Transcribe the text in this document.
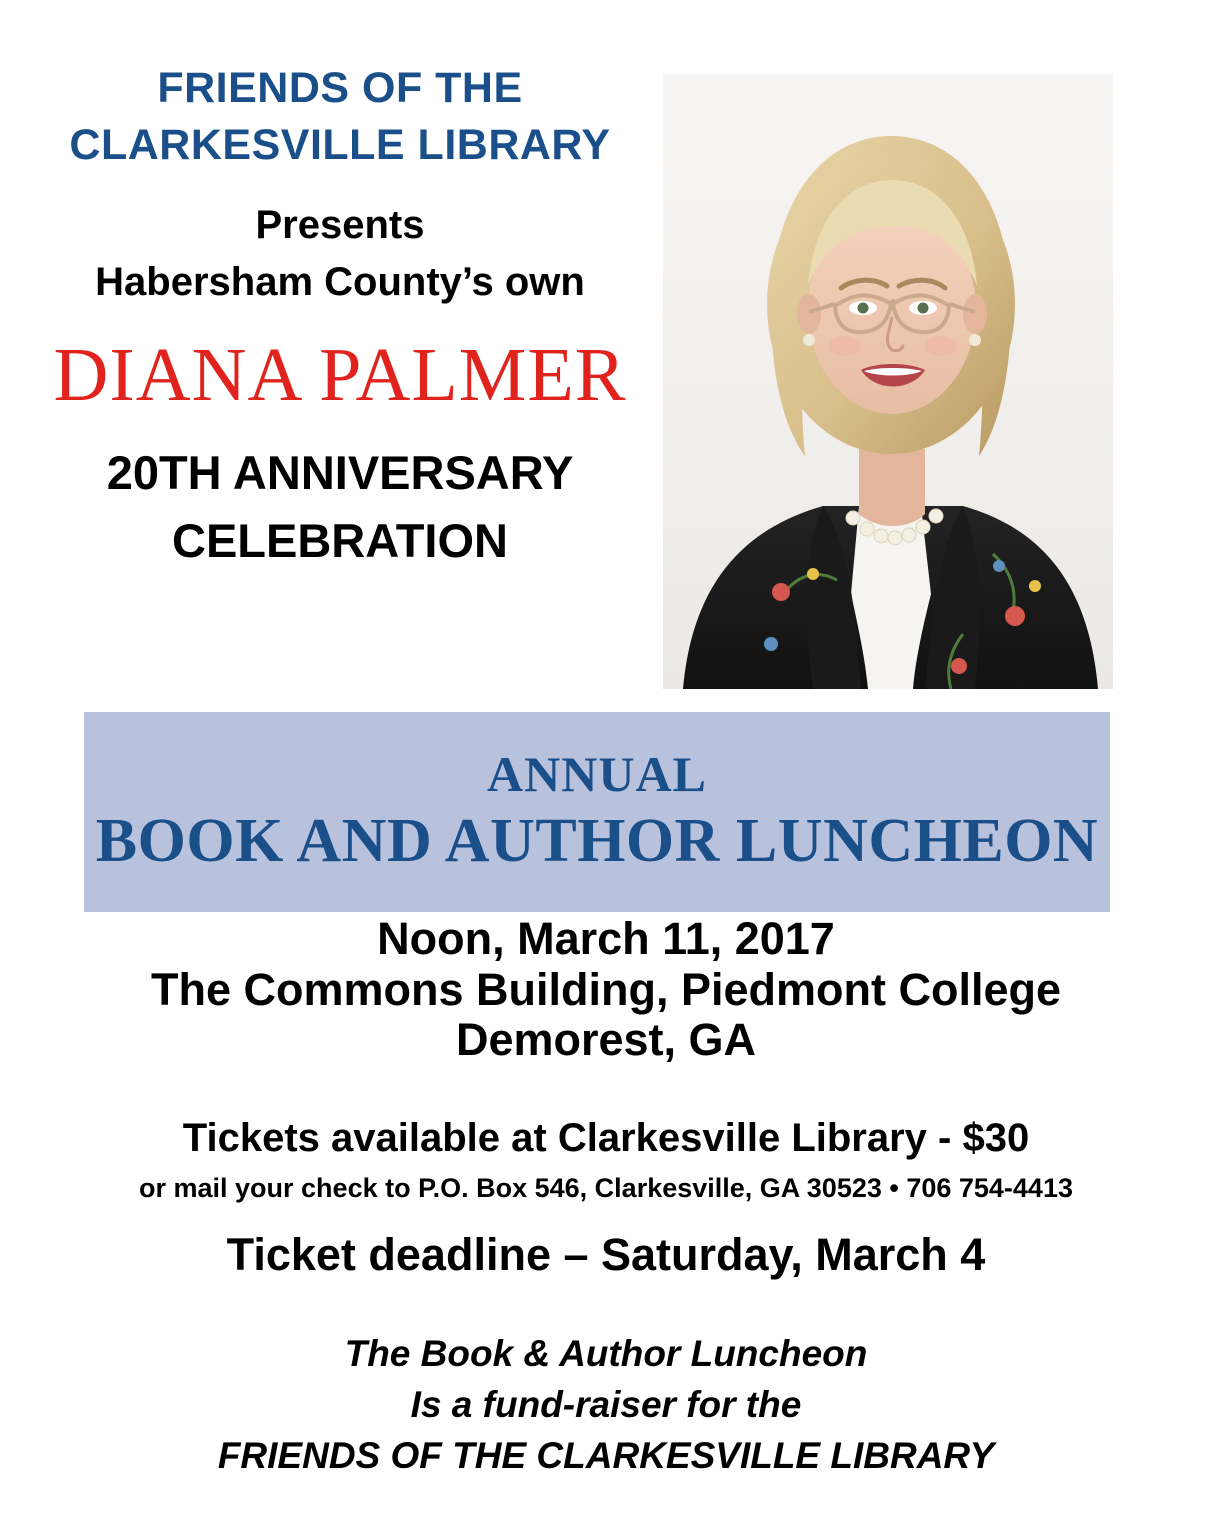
FRIENDS OF THE
CLARKESVILLE LIBRARY
Presents
Habersham County’s own
DIANA PALMER
20TH ANNIVERSARY
CELEBRATION
ANNUAL
BOOK AND AUTHOR LUNCHEON
Noon, March 11, 2017
The Commons Building, Piedmont College
Demorest, GA
Tickets available at Clarkesville Library - $30
or mail your check to P.O. Box 546, Clarkesville, GA 30523 • 706 754-4413
Ticket deadline – Saturday, March 4
The Book & Author Luncheon
Is a fund-raiser for the
FRIENDS OF THE CLARKESVILLE LIBRARY
